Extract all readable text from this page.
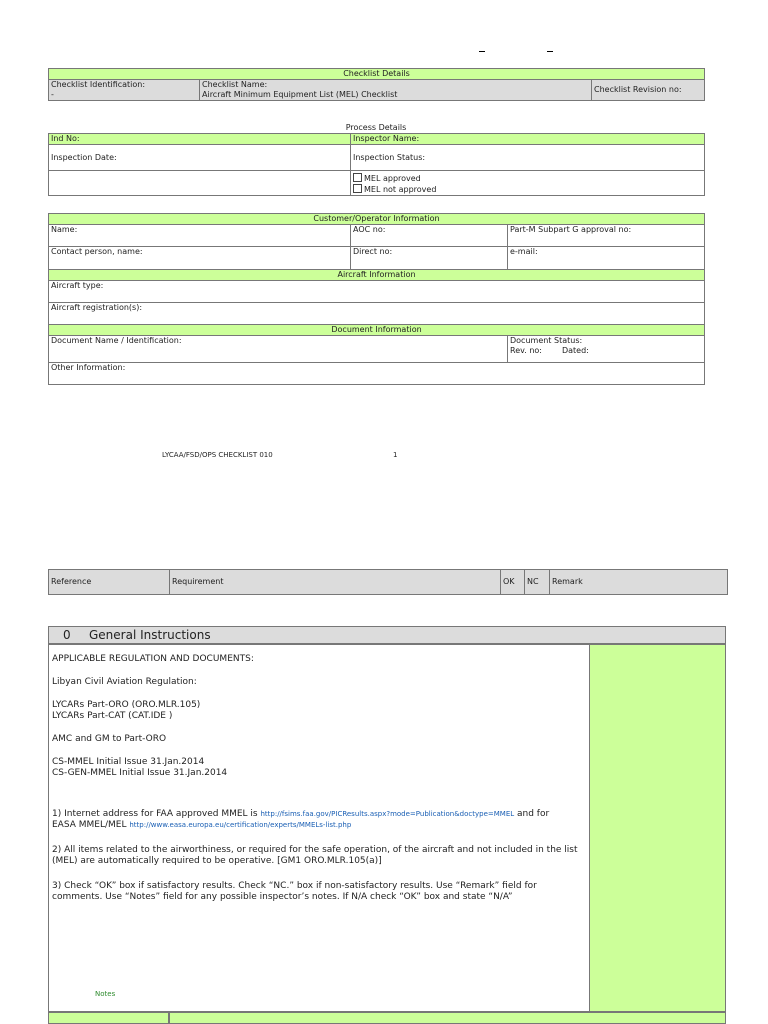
Checklist Details

Checklist Identification:
-

Checklist Name:
Aircraft Minimum Equipment List (MEL) Checklist
	Checklist Revision no:
Process Details
Ind No:	Inspector Name:
Inspection Date:	Inspection Status:

	MEL approved
MEL not approved
Customer/Operator Information		
Name:	AOC no:	Part-M Subpart G approval no:
Contact person, name:	Direct no:	e-mail:
Aircraft Information		
Aircraft type:		
Aircraft registration(s):		
Document Information		
Document Name / Identification:		Document Status:
Rev. no: Dated:

Other Information:		
LYCAA/FSD/OPS CHECKLIST 010	1
Reference	Requirement	OK	NC	Remark
0 General Instructions

APPLICABLE REGULATION AND DOCUMENTS:

Libyan Civil Aviation Regulation:

LYCARs Part-ORO (ORO.MLR.105)
LYCARs Part-CAT (CAT.IDE )

AMC and GM to Part-ORO

CS-MMEL Initial Issue 31.Jan.2014
CS-GEN-MMEL Initial Issue 31.Jan.2014

1) Internet address for FAA approved MMEL is http://fsims.faa.gov/PICResults.aspx?mode=Publication&doctype=MMEL and for
EASA MMEL/MEL http://www.easa.europa.eu/certification/experts/MMELs-list.php

2) All items related to the airworthiness, or required for the safe operation, of the aircraft and not included in the list (MEL) are automatically required to be operative. [GM1 ORO.MLR.105(a)]

3) Check “OK” box if satisfactory results. Check “NC.” box if non-satisfactory results. Use “Remark” field for comments. Use “Notes” field for any possible inspector’s notes. If N/A check “OK” box and state “N/A”

Notes
